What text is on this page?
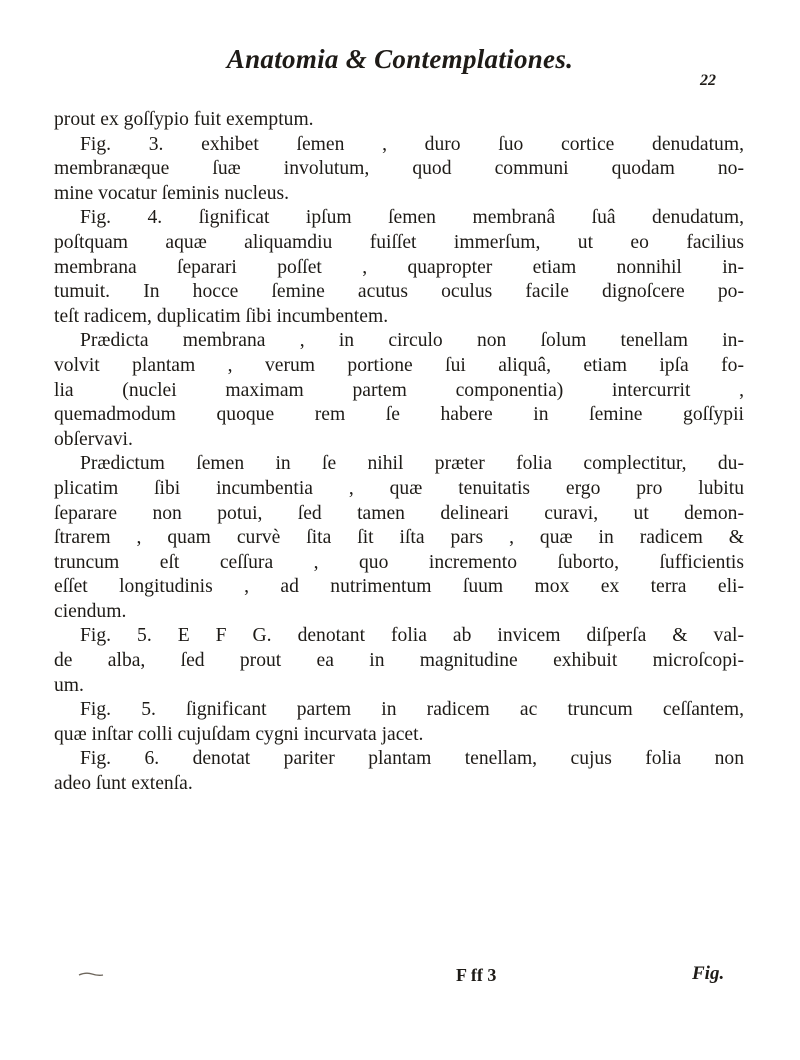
Anatomia & Contemplationes.
22
prout ex goſſypio fuit exemptum.
Fig. 3. exhibet ſemen , duro ſuo cortice denudatum,
membranæque ſuæ involutum, quod communi quodam no-
mine vocatur ſeminis nucleus.
Fig. 4. ſignificat ipſum ſemen membranâ ſuâ denudatum,
poſtquam aquæ aliquamdiu fuiſſet immerſum, ut eo facilius
membrana ſeparari poſſet , quapropter etiam nonnihil in-
tumuit. In hocce ſemine acutus oculus facile dignoſcere po-
teſt radicem, duplicatim ſibi incumbentem.
Prædicta membrana , in circulo non ſolum tenellam in-
volvit plantam , verum portione ſui aliquâ, etiam ipſa fo-
lia (nuclei maximam partem componentia) intercurrit ,
quemadmodum quoque rem ſe habere in ſemine goſſypii
obſervavi.
Prædictum ſemen in ſe nihil præter folia complectitur, du-
plicatim ſibi incumbentia , quæ tenuitatis ergo pro lubitu
ſeparare non potui, ſed tamen delineari curavi, ut demon-
ſtrarem , quam curvè ſita ſit iſta pars , quæ in radicem &
truncum eſt ceſſura , quo incremento ſuborto, ſufficientis
eſſet longitudinis , ad nutrimentum ſuum mox ex terra eli-
ciendum.
Fig. 5. E F G. denotant folia ab invicem diſperſa & val-
de alba, ſed prout ea in magnitudine exhibuit microſcopi-
um.
Fig. 5. ſignificant partem in radicem ac truncum ceſſantem,
quæ inſtar colli cujuſdam cygni incurvata jacet.
Fig. 6. denotat pariter plantam tenellam, cujus folia non
adeo ſunt extenſa.
F ff 3	Fig.
